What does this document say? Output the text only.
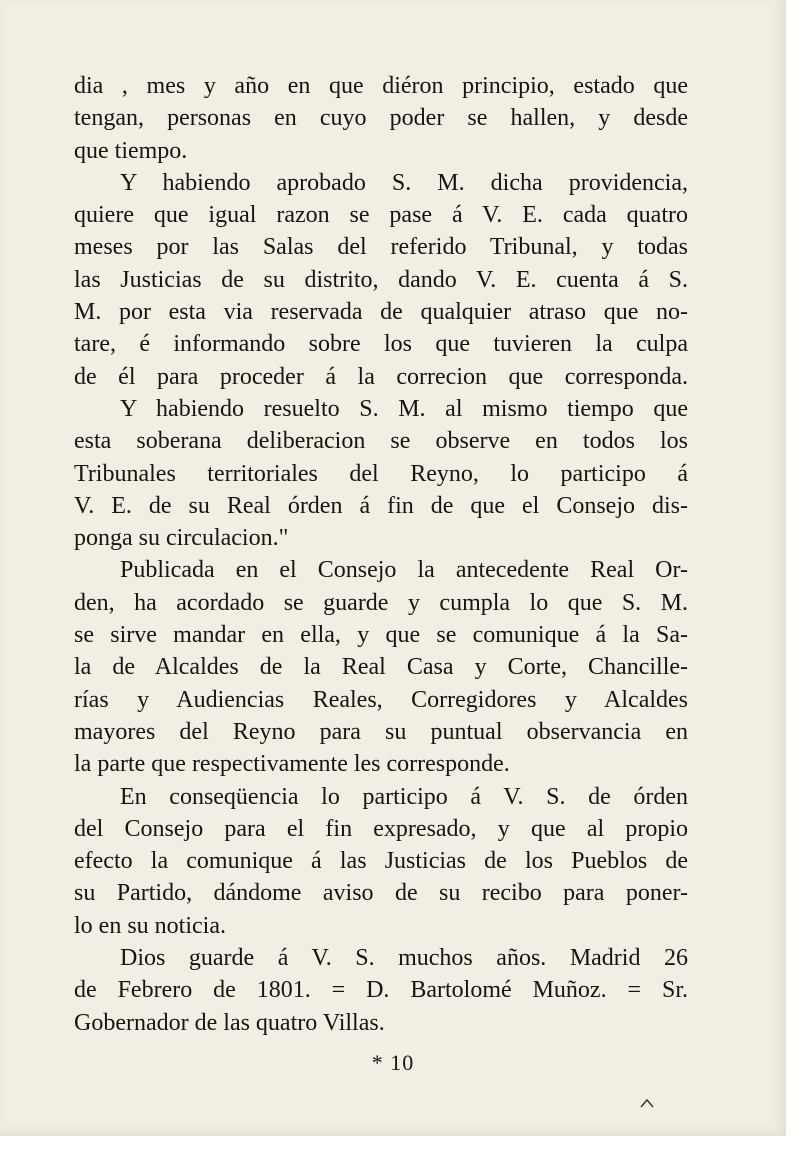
dia , mes y año en que diéron principio, estado que
tengan, personas en cuyo poder se hallen, y desde
que tiempo.
Y habiendo aprobado S. M. dicha providencia,
quiere que igual razon se pase á V. E. cada quatro
meses por las Salas del referido Tribunal, y todas
las Justicias de su distrito, dando V. E. cuenta á S.
M. por esta via reservada de qualquier atraso que no-
tare, é informando sobre los que tuvieren la culpa
de él para proceder á la correcion que corresponda.
Y habiendo resuelto S. M. al mismo tiempo que
esta soberana deliberacion se observe en todos los
Tribunales territoriales del Reyno, lo participo á
V. E. de su Real órden á fin de que el Consejo dis-
ponga su circulacion."
Publicada en el Consejo la antecedente Real Or-
den, ha acordado se guarde y cumpla lo que S. M.
se sirve mandar en ella, y que se comunique á la Sa-
la de Alcaldes de la Real Casa y Corte, Chancille-
rías y Audiencias Reales, Corregidores y Alcaldes
mayores del Reyno para su puntual observancia en
la parte que respectivamente les corresponde.
En conseqüencia lo participo á V. S. de órden
del Consejo para el fin expresado, y que al propio
efecto la comunique á las Justicias de los Pueblos de
su Partido, dándome aviso de su recibo para poner-
lo en su noticia.
Dios guarde á V. S. muchos años. Madrid 26
de Febrero de 1801. = D. Bartolomé Muñoz. = Sr.
Gobernador de las quatro Villas.
* 10
